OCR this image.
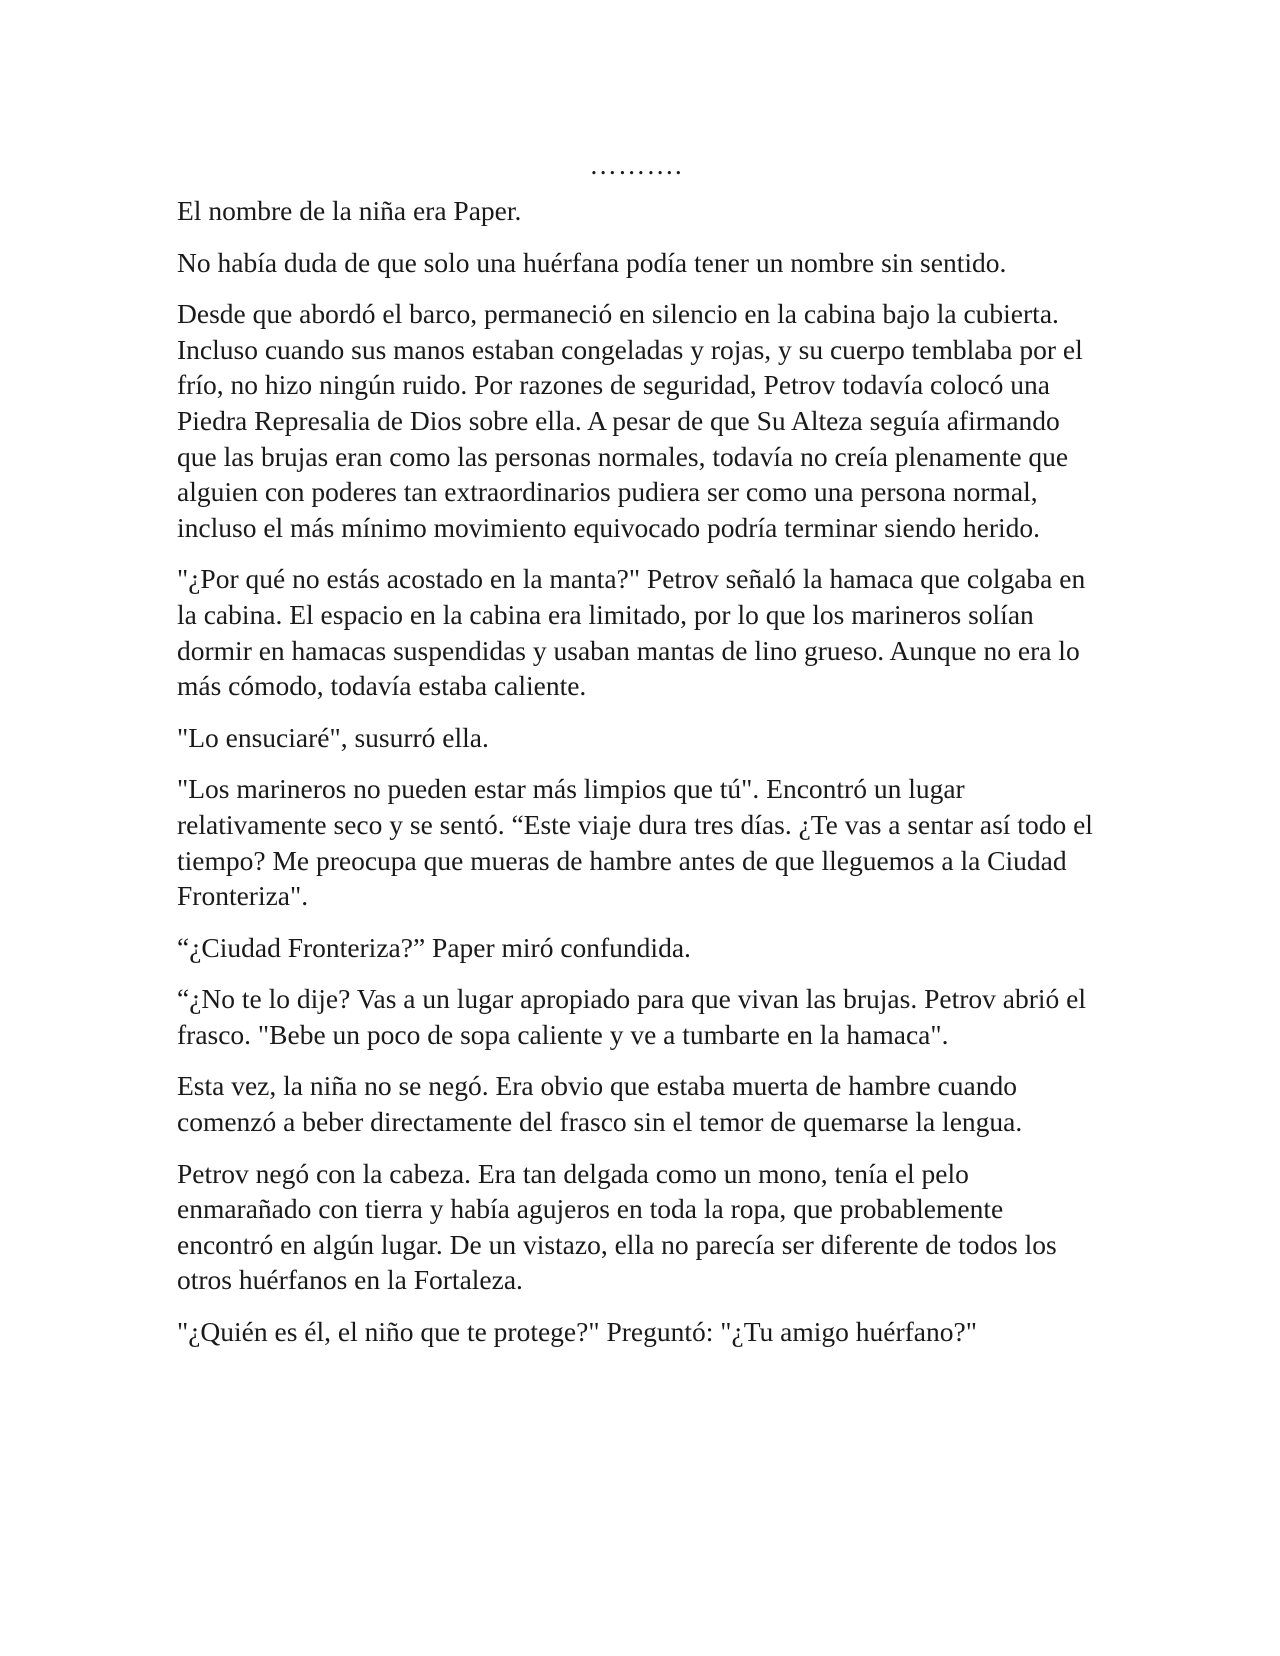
……….

El nombre de la niña era Paper.

No había duda de que solo una huérfana podía tener un nombre sin sentido.

Desde que abordó el barco, permaneció en silencio en la cabina bajo la cubierta. Incluso cuando sus manos estaban congeladas y rojas, y su cuerpo temblaba por el frío, no hizo ningún ruido. Por razones de seguridad, Petrov todavía colocó una Piedra Represalia de Dios sobre ella. A pesar de que Su Alteza seguía afirmando que las brujas eran como las personas normales, todavía no creía plenamente que alguien con poderes tan extraordinarios pudiera ser como una persona normal, incluso el más mínimo movimiento equivocado podría terminar siendo herido.

"¿Por qué no estás acostado en la manta?" Petrov señaló la hamaca que colgaba en la cabina. El espacio en la cabina era limitado, por lo que los marineros solían dormir en hamacas suspendidas y usaban mantas de lino grueso. Aunque no era lo más cómodo, todavía estaba caliente.

"Lo ensuciaré", susurró ella.

"Los marineros no pueden estar más limpios que tú". Encontró un lugar relativamente seco y se sentó. “Este viaje dura tres días. ¿Te vas a sentar así todo el tiempo? Me preocupa que mueras de hambre antes de que lleguemos a la Ciudad Fronteriza".

“¿Ciudad Fronteriza?” Paper miró confundida.

“¿No te lo dije? Vas a un lugar apropiado para que vivan las brujas. Petrov abrió el frasco. "Bebe un poco de sopa caliente y ve a tumbarte en la hamaca".

Esta vez, la niña no se negó. Era obvio que estaba muerta de hambre cuando comenzó a beber directamente del frasco sin el temor de quemarse la lengua.

Petrov negó con la cabeza. Era tan delgada como un mono, tenía el pelo enmarañado con tierra y había agujeros en toda la ropa, que probablemente encontró en algún lugar. De un vistazo, ella no parecía ser diferente de todos los otros huérfanos en la Fortaleza.

"¿Quién es él, el niño que te protege?" Preguntó: "¿Tu amigo huérfano?"
